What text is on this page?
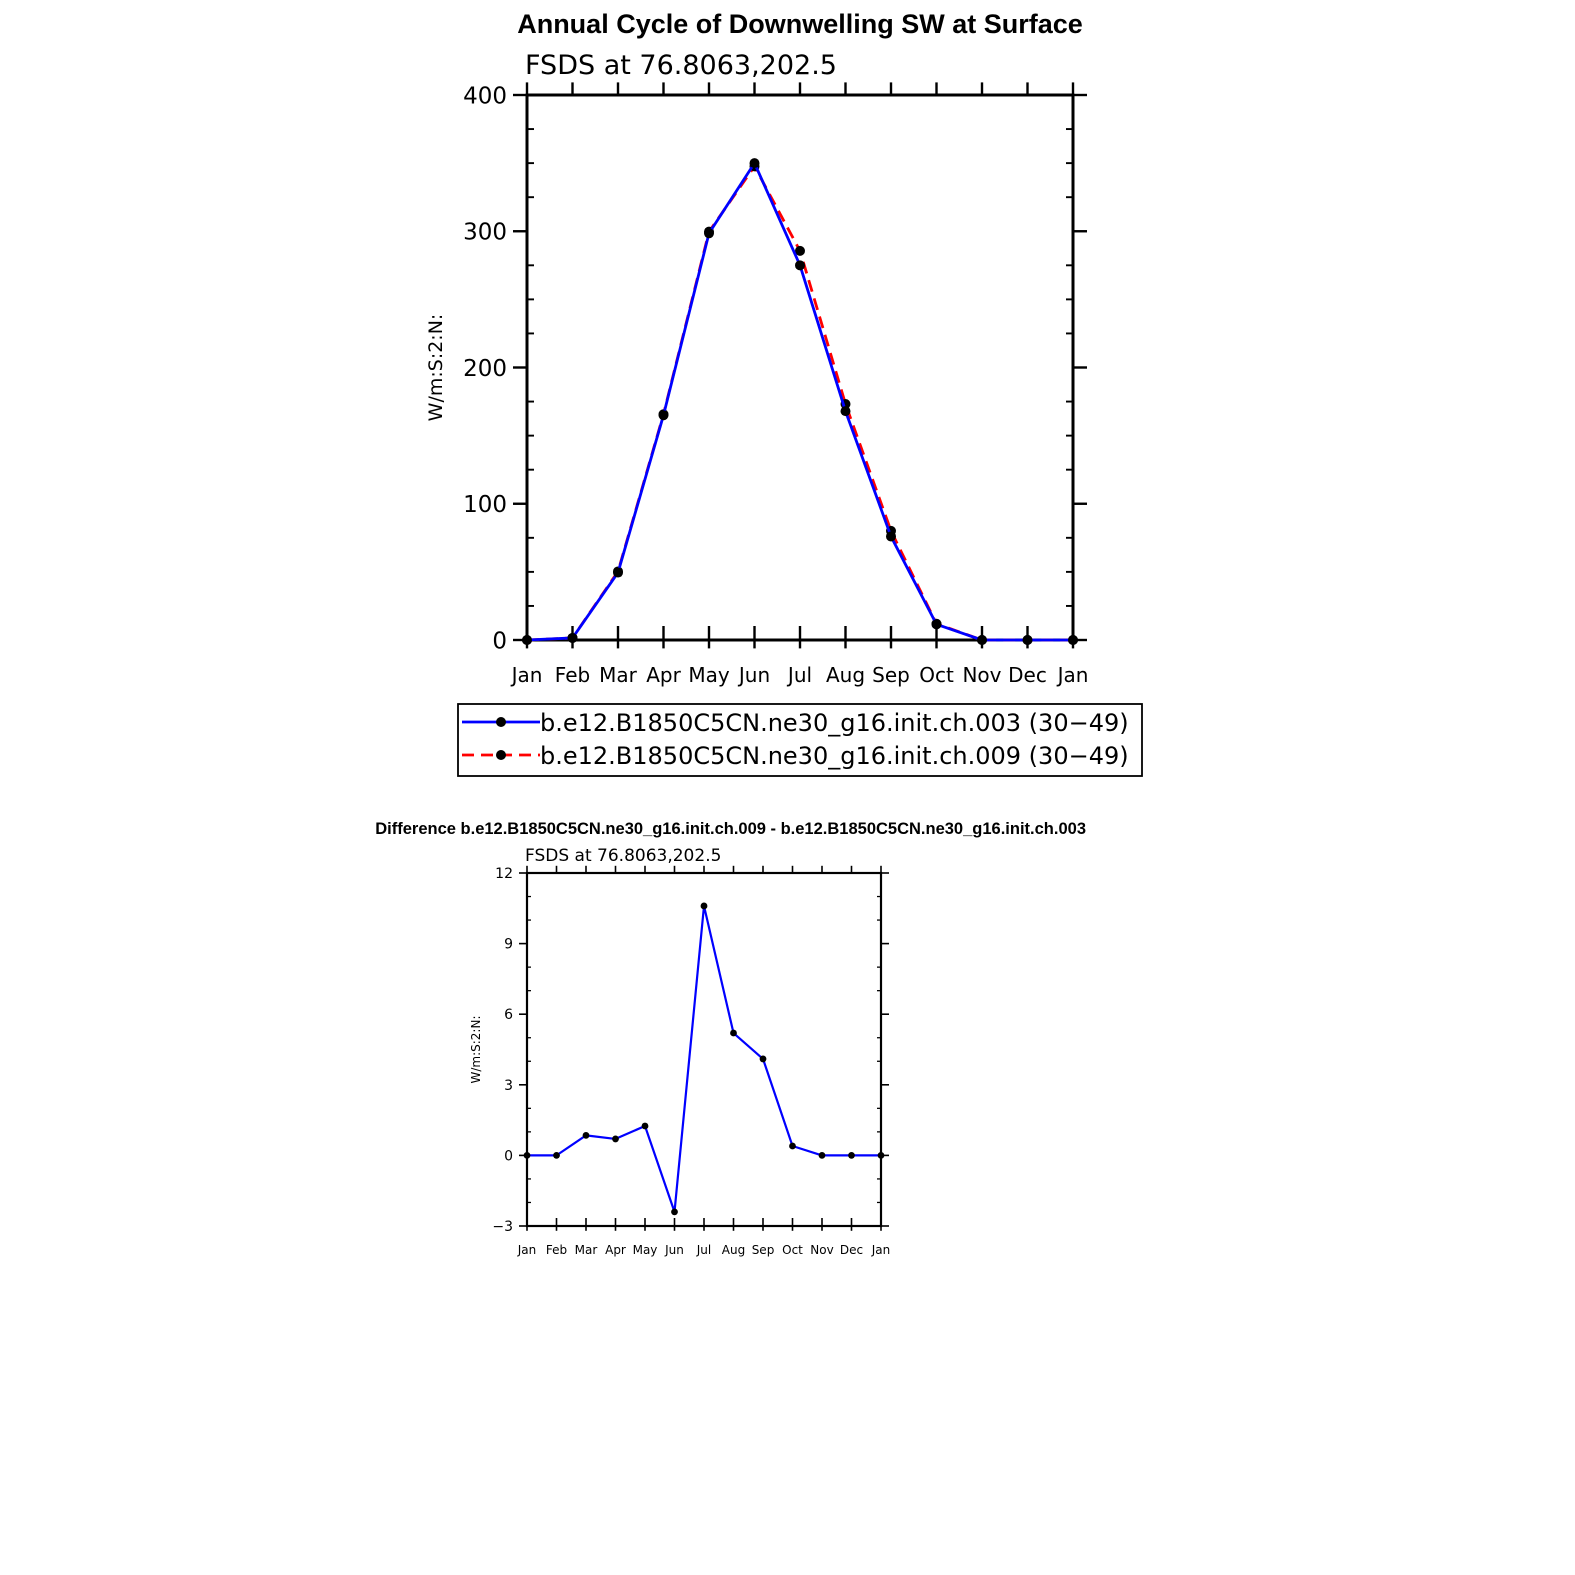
Annual Cycle of Downwelling SW at Surface
FSDS at 76.8063,202.5
0
100
200
300
400
Jan Feb Mar Apr May Jun Jul Aug Sep Oct Nov Dec Jan
W/m:S:2:N:
b.e12.B1850C5CN.ne30_g16.init.ch.003 (30−49)
b.e12.B1850C5CN.ne30_g16.init.ch.009 (30−49)
Difference b.e12.B1850C5CN.ne30_g16.init.ch.009 - b.e12.B1850C5CN.ne30_g16.init.ch.003
FSDS at 76.8063,202.5
−3
0
3
6
9
12
Jan Feb Mar Apr May Jun Jul Aug Sep Oct Nov Dec Jan
W/m:S:2:N:
